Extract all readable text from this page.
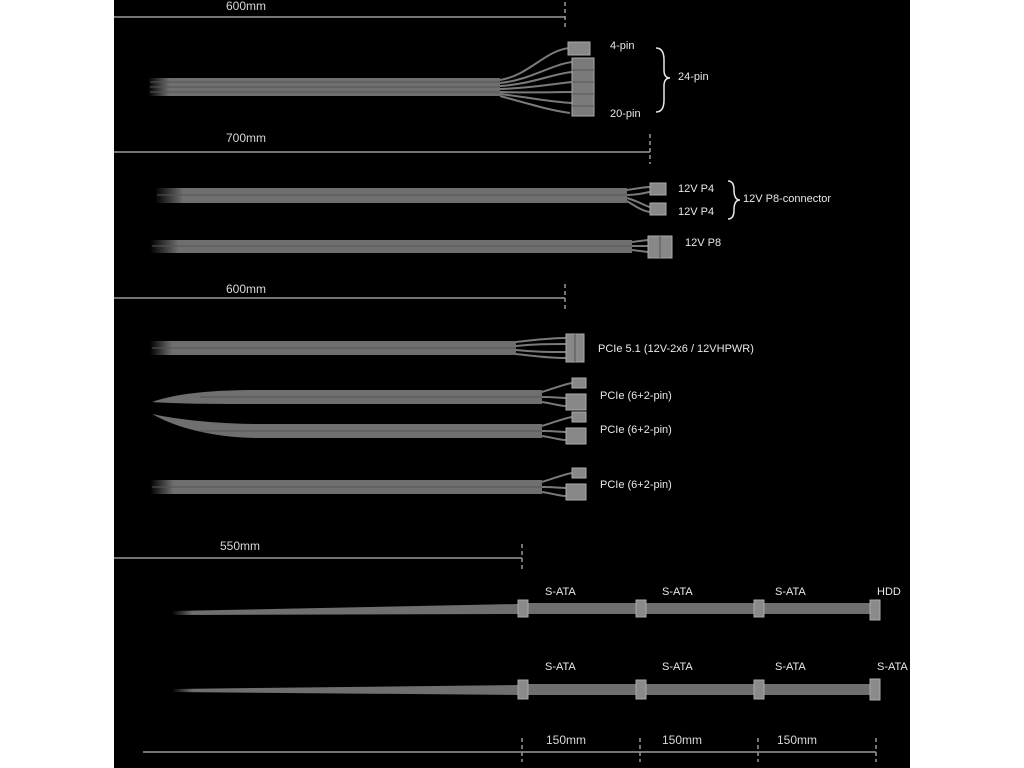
600mm
700mm
600mm
550mm
4-pin
24-pin
20-pin
12V P4
12V P8-connector
12V P4
12V P8
PCIe 5.1 (12V-2x6 / 12VHPWR)
PCIe (6+2-pin)
PCIe (6+2-pin)
PCIe (6+2-pin)
S-ATA	S-ATA	S-ATA	HDD
S-ATA	S-ATA	S-ATA	S-ATA
150mm	150mm	150mm
